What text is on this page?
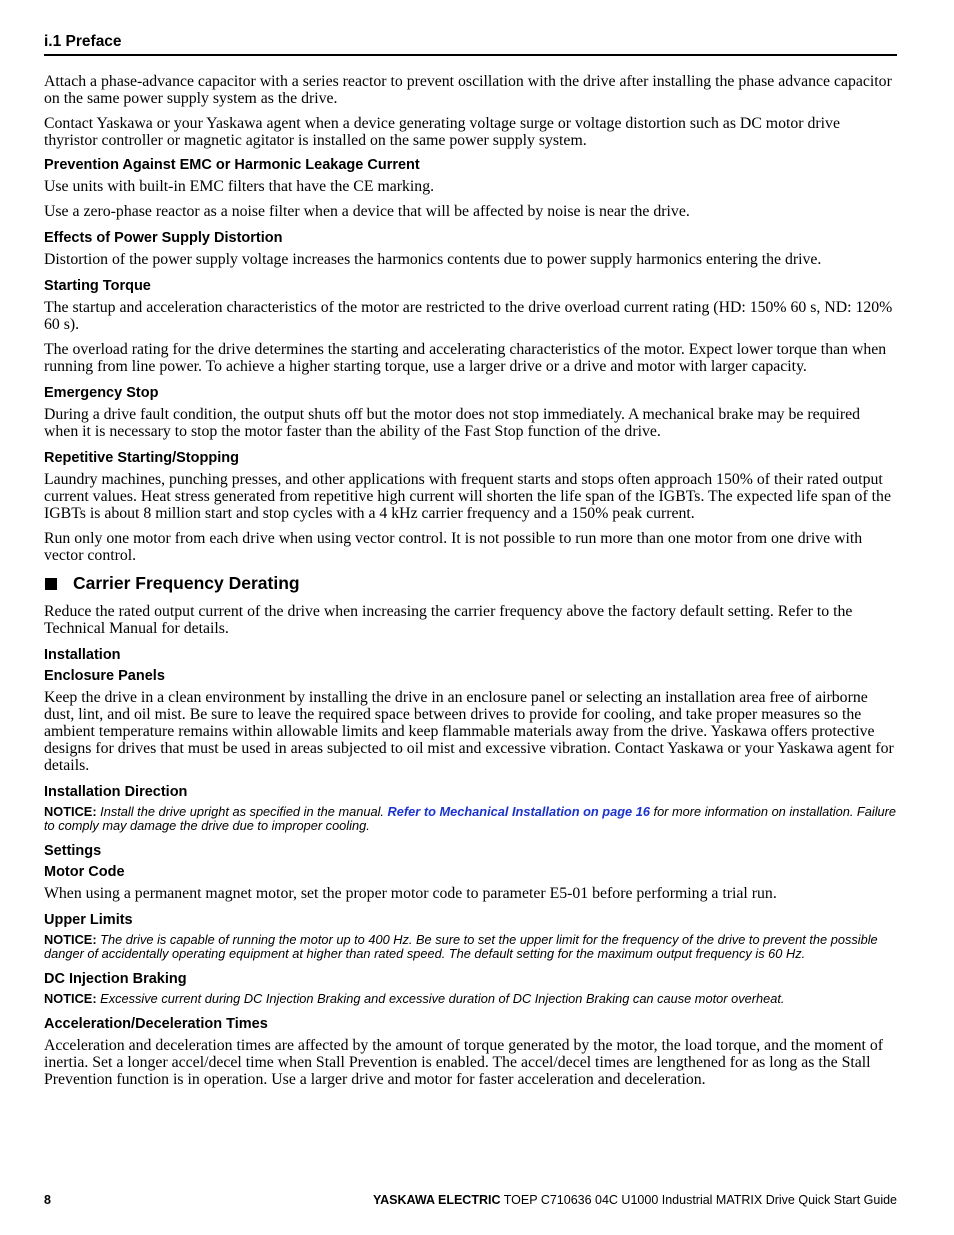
i.1 Preface

Attach a phase-advance capacitor with a series reactor to prevent oscillation with the drive after installing the phase advance capacitor on the same power supply system as the drive.

Contact Yaskawa or your Yaskawa agent when a device generating voltage surge or voltage distortion such as DC motor drive thyristor controller or magnetic agitator is installed on the same power supply system.

Prevention Against EMC or Harmonic Leakage Current

Use units with built-in EMC filters that have the CE marking.

Use a zero-phase reactor as a noise filter when a device that will be affected by noise is near the drive.

Effects of Power Supply Distortion

Distortion of the power supply voltage increases the harmonics contents due to power supply harmonics entering the drive.

Starting Torque

The startup and acceleration characteristics of the motor are restricted to the drive overload current rating (HD: 150% 60 s, ND: 120% 60 s).

The overload rating for the drive determines the starting and accelerating characteristics of the motor. Expect lower torque than when running from line power. To achieve a higher starting torque, use a larger drive or a drive and motor with larger capacity.

Emergency Stop

During a drive fault condition, the output shuts off but the motor does not stop immediately. A mechanical brake may be required when it is necessary to stop the motor faster than the ability of the Fast Stop function of the drive.

Repetitive Starting/Stopping

Laundry machines, punching presses, and other applications with frequent starts and stops often approach 150% of their rated output current values. Heat stress generated from repetitive high current will shorten the life span of the IGBTs. The expected life span of the IGBTs is about 8 million start and stop cycles with a 4 kHz carrier frequency and a 150% peak current.

Run only one motor from each drive when using vector control. It is not possible to run more than one motor from one drive with vector control.

Carrier Frequency Derating

Reduce the rated output current of the drive when increasing the carrier frequency above the factory default setting. Refer to the Technical Manual for details.

Installation
Enclosure Panels

Keep the drive in a clean environment by installing the drive in an enclosure panel or selecting an installation area free of airborne dust, lint, and oil mist. Be sure to leave the required space between drives to provide for cooling, and take proper measures so the ambient temperature remains within allowable limits and keep flammable materials away from the drive. Yaskawa offers protective designs for drives that must be used in areas subjected to oil mist and excessive vibration. Contact Yaskawa or your Yaskawa agent for details.

Installation Direction

NOTICE: Install the drive upright as specified in the manual. Refer to Mechanical Installation on page 16 for more information on installation. Failure to comply may damage the drive due to improper cooling.

Settings
Motor Code

When using a permanent magnet motor, set the proper motor code to parameter E5-01 before performing a trial run.

Upper Limits

NOTICE: The drive is capable of running the motor up to 400 Hz. Be sure to set the upper limit for the frequency of the drive to prevent the possible danger of accidentally operating equipment at higher than rated speed. The default setting for the maximum output frequency is 60 Hz.

DC Injection Braking

NOTICE: Excessive current during DC Injection Braking and excessive duration of DC Injection Braking can cause motor overheat.

Acceleration/Deceleration Times

Acceleration and deceleration times are affected by the amount of torque generated by the motor, the load torque, and the moment of inertia. Set a longer accel/decel time when Stall Prevention is enabled. The accel/decel times are lengthened for as long as the Stall Prevention function is in operation. Use a larger drive and motor for faster acceleration and deceleration.

8	YASKAWA ELECTRIC TOEP C710636 04C U1000 Industrial MATRIX Drive Quick Start Guide
